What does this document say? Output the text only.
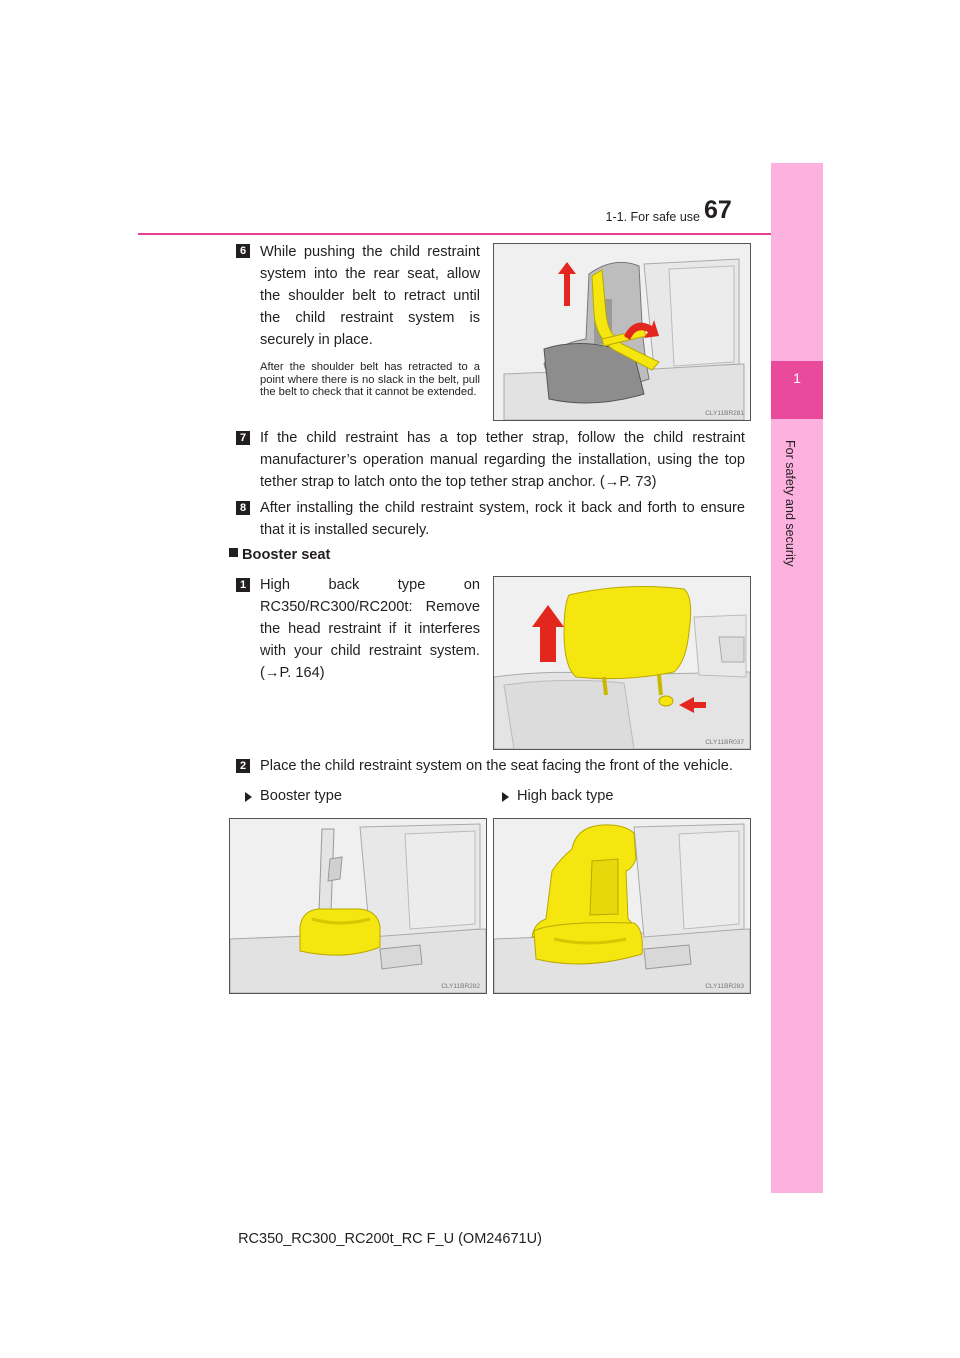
1-1. For safe use 67
1
For safety and security
6 While pushing the child restraint system into the rear seat, allow the shoulder belt to retract until the child restraint system is securely in place.
After the shoulder belt has retracted to a point where there is no slack in the belt, pull the belt to check that it cannot be extended.
CLY11BR281
7 If the child restraint has a top tether strap, follow the child restraint manufacturer’s operation manual regarding the installation, using the top tether strap to latch onto the top tether strap anchor. (→P. 73)
8 After installing the child restraint system, rock it back and forth to ensure that it is installed securely.
Booster seat
1 High back type on RC350/RC300/RC200t: Remove the head restraint if it interferes with your child restraint system. (→P. 164)
CLY11BR037
2 Place the child restraint system on the seat facing the front of the vehicle.
Booster type	High back type
CLY11BR282	CLY11BR283
RC350_RC300_RC200t_RC F_U (OM24671U)
